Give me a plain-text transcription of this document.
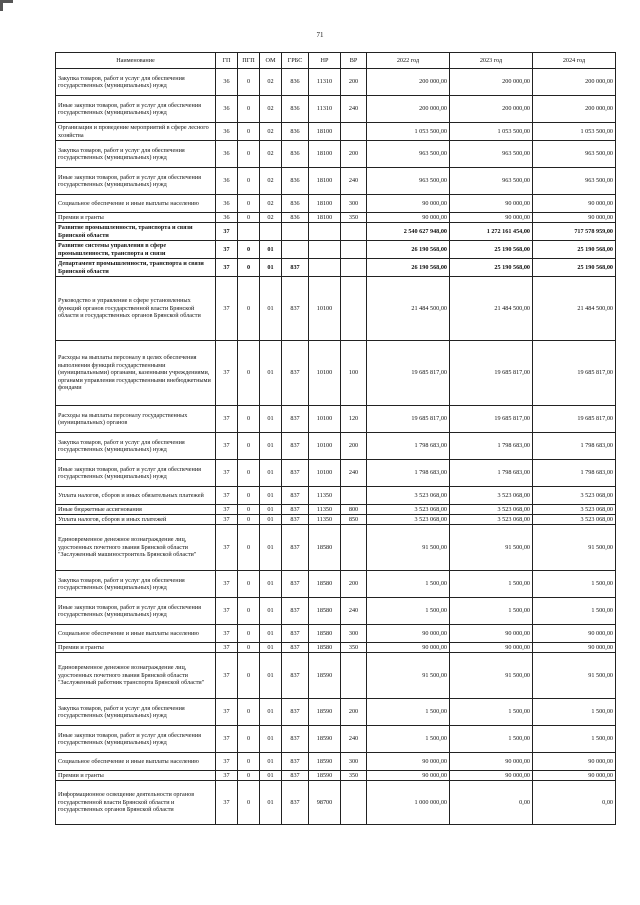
71
Наименование	ГП	ПГП	ОМ	ГРБС	НР	ВР	2022 год	2023 год	2024 год
Закупка товаров, работ и услуг для обеспечения государственных (муниципальных) нужд	36	0	02	836	11310	200	200 000,00	200 000,00	200 000,00
Иные закупки товаров, работ и услуг для обеспечения государственных (муниципальных) нужд	36	0	02	836	11310	240	200 000,00	200 000,00	200 000,00
Организация и проведение мероприятий в сфере лесного хозяйства	36	0	02	836	18100		1 053 500,00	1 053 500,00	1 053 500,00
Закупка товаров, работ и услуг для обеспечения государственных (муниципальных) нужд	36	0	02	836	18100	200	963 500,00	963 500,00	963 500,00
Иные закупки товаров, работ и услуг для обеспечения государственных (муниципальных) нужд	36	0	02	836	18100	240	963 500,00	963 500,00	963 500,00
Социальное обеспечение и иные выплаты населению	36	0	02	836	18100	300	90 000,00	90 000,00	90 000,00
Премии и гранты	36	0	02	836	18100	350	90 000,00	90 000,00	90 000,00
Развитие промышленности, транспорта и связи Брянской области	37						2 540 627 948,00	1 272 161 454,00	717 578 959,00
Развитие системы управления в сфере промышленности, транспорта и связи	37	0	01				26 190 568,00	25 190 568,00	25 190 568,00
Департамент промышленности, транспорта и связи Брянской области	37	0	01	837			26 190 568,00	25 190 568,00	25 190 568,00
Руководство и управление в сфере установленных функций органов государственной власти Брянской области и государственных органов Брянской области	37	0	01	837	10100		21 484 500,00	21 484 500,00	21 484 500,00
Расходы на выплаты персоналу в целях обеспечения выполнения функций государственными (муниципальными) органами, казенными учреждениями, органами управления государственными внебюджетными фондами	37	0	01	837	10100	100	19 685 817,00	19 685 817,00	19 685 817,00
Расходы на выплаты персоналу государственных (муниципальных) органов	37	0	01	837	10100	120	19 685 817,00	19 685 817,00	19 685 817,00
Закупка товаров, работ и услуг для обеспечения государственных (муниципальных) нужд	37	0	01	837	10100	200	1 798 683,00	1 798 683,00	1 798 683,00
Иные закупки товаров, работ и услуг для обеспечения государственных (муниципальных) нужд	37	0	01	837	10100	240	1 798 683,00	1 798 683,00	1 798 683,00
Уплата налогов, сборов и иных обязательных платежей	37	0	01	837	11350		3 523 068,00	3 523 068,00	3 523 068,00
Иные бюджетные ассигнования	37	0	01	837	11350	800	3 523 068,00	3 523 068,00	3 523 068,00
Уплата налогов, сборов и иных платежей	37	0	01	837	11350	850	3 523 068,00	3 523 068,00	3 523 068,00
Единовременное денежное вознаграждение лиц, удостоенных почетного звания Брянской области "Заслуженный машиностроитель Брянской области"	37	0	01	837	18580		91 500,00	91 500,00	91 500,00
Закупка товаров, работ и услуг для обеспечения государственных (муниципальных) нужд	37	0	01	837	18580	200	1 500,00	1 500,00	1 500,00
Иные закупки товаров, работ и услуг для обеспечения государственных (муниципальных) нужд	37	0	01	837	18580	240	1 500,00	1 500,00	1 500,00
Социальное обеспечение и иные выплаты населению	37	0	01	837	18580	300	90 000,00	90 000,00	90 000,00
Премии и гранты	37	0	01	837	18580	350	90 000,00	90 000,00	90 000,00
Единовременное денежное вознаграждение лиц, удостоенных почетного звания Брянской области "Заслуженный работник транспорта Брянской области"	37	0	01	837	18590		91 500,00	91 500,00	91 500,00
Закупка товаров, работ и услуг для обеспечения государственных (муниципальных) нужд	37	0	01	837	18590	200	1 500,00	1 500,00	1 500,00
Иные закупки товаров, работ и услуг для обеспечения государственных (муниципальных) нужд	37	0	01	837	18590	240	1 500,00	1 500,00	1 500,00
Социальное обеспечение и иные выплаты населению	37	0	01	837	18590	300	90 000,00	90 000,00	90 000,00
Премии и гранты	37	0	01	837	18590	350	90 000,00	90 000,00	90 000,00
Информационное освещение деятельности органов государственной власти Брянской области и государственных органов Брянской области	37	0	01	837	98700		1 000 000,00	0,00	0,00
